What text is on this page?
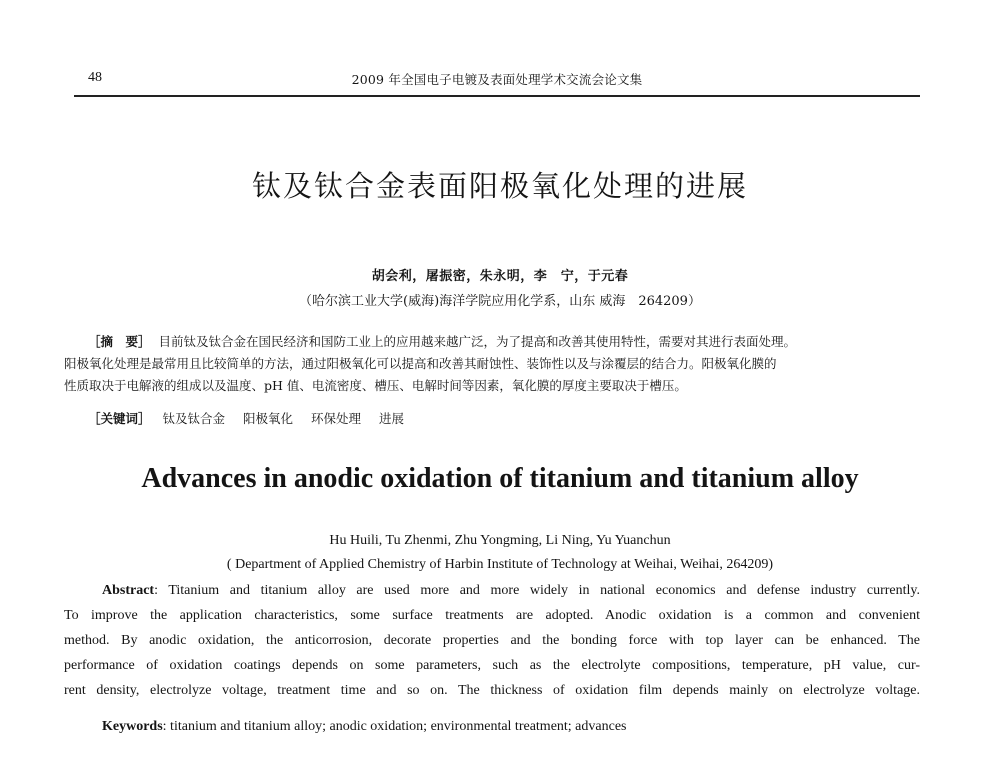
48	2009 年全国电子电镀及表面处理学术交流会论文集
钛及钛合金表面阳极氧化处理的进展
胡会利，屠振密，朱永明，李　宁，于元春
（哈尔滨工业大学(威海)海洋学院应用化学系，山东 威海　264209）
［摘　要］ 目前钛及钛合金在国民经济和国防工业上的应用越来越广泛，为了提高和改善其使用特性，需要对其进行表面处理。
阳极氧化处理是最常用且比较简单的方法，通过阳极氧化可以提高和改善其耐蚀性、装饰性以及与涂覆层的结合力。阳极氧化膜的
性质取决于电解液的组成以及温度、pH 值、电流密度、槽压、电解时间等因素，氧化膜的厚度主要取决于槽压。
［关键词］ 钛及钛合金 阳极氧化 环保处理 进展
Advances in anodic oxidation of titanium and titanium alloy
Hu Huili, Tu Zhenmi, Zhu Yongming, Li Ning, Yu Yuanchun
( Department of Applied Chemistry of Harbin Institute of Technology at Weihai, Weihai, 264209)
Abstract: Titanium and titanium alloy are used more and more widely in national economics and defense industry currently.
To improve the application characteristics, some surface treatments are adopted. Anodic oxidation is a common and convenient
method. By anodic oxidation, the anticorrosion, decorate properties and the bonding force with top layer can be enhanced. The
performance of oxidation coatings depends on some parameters, such as the electrolyte compositions, temperature, pH value, cur-
rent density, electrolyze voltage, treatment time and so on. The thickness of oxidation film depends mainly on electrolyze voltage.
Keywords: titanium and titanium alloy; anodic oxidation; environmental treatment; advances
